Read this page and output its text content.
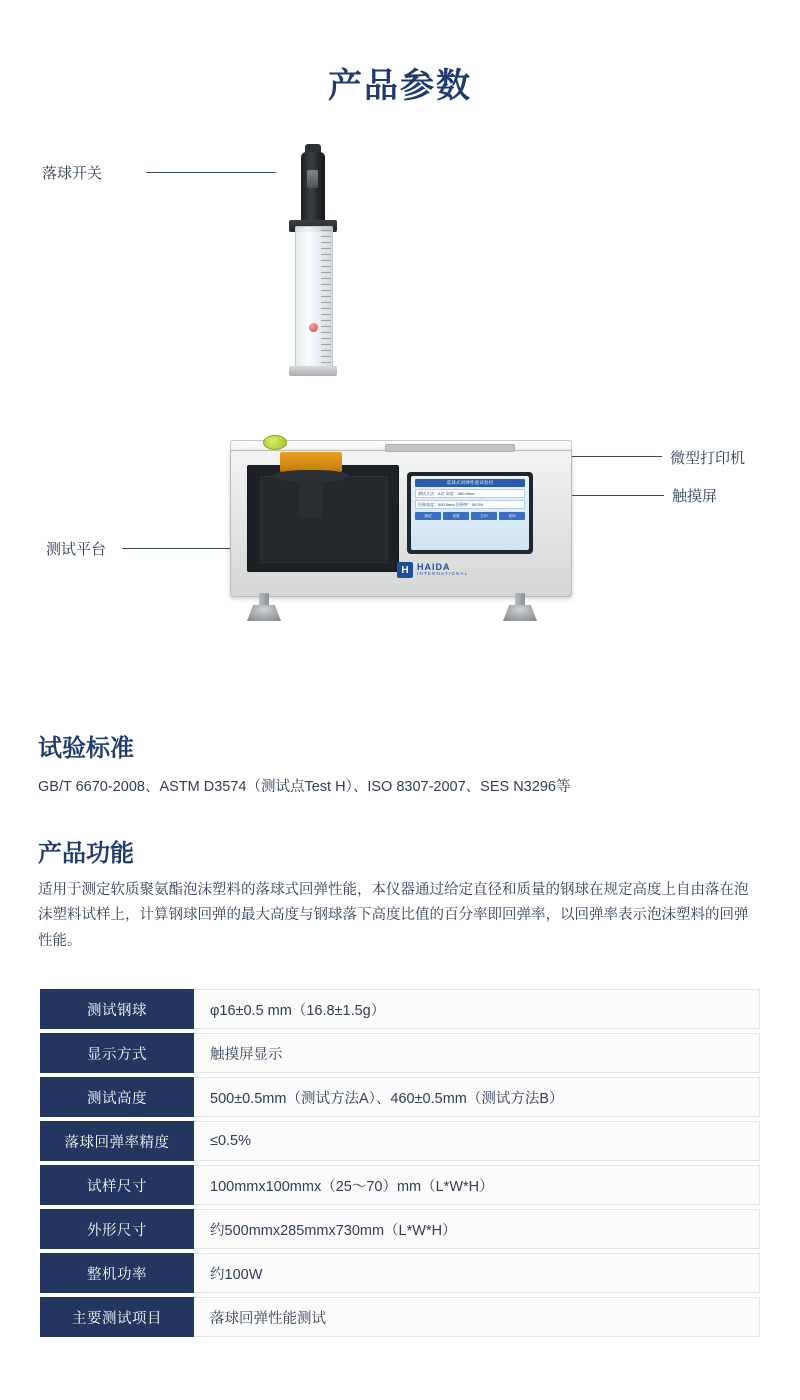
产品参数
落球开关
微型打印机
触摸屏
测试平台
落球式回弹性能试验机
测试方法：A法 高度：500.0mm
回弹高度：000.0mm 回弹率：00.0%
测试	设置	打印	查询
H HAIDA
INTERNATIONAL
试验标准
GB/T 6670-2008、ASTM D3574（测试点Test H）、ISO 8307-2007、SES N3296等
产品功能
适用于测定软质聚氨酯泡沫塑料的落球式回弹性能，本仪器通过给定直径和质量的钢球在规定高度上自由落在泡沫塑料试样上，计算钢球回弹的最大高度与钢球落下高度比值的百分率即回弹率，以回弹率表示泡沫塑料的回弹性能。
测试钢球	φ16±0.5 mm（16.8±1.5g）
显示方式	触摸屏显示
测试高度	500±0.5mm（测试方法A）、460±0.5mm（测试方法B）
落球回弹率精度	≤0.5%
试样尺寸	100mmx100mmx（25～70）mm（L*W*H）
外形尺寸	约500mmx285mmx730mm（L*W*H）
整机功率	约100W
主要测试项目	落球回弹性能测试
